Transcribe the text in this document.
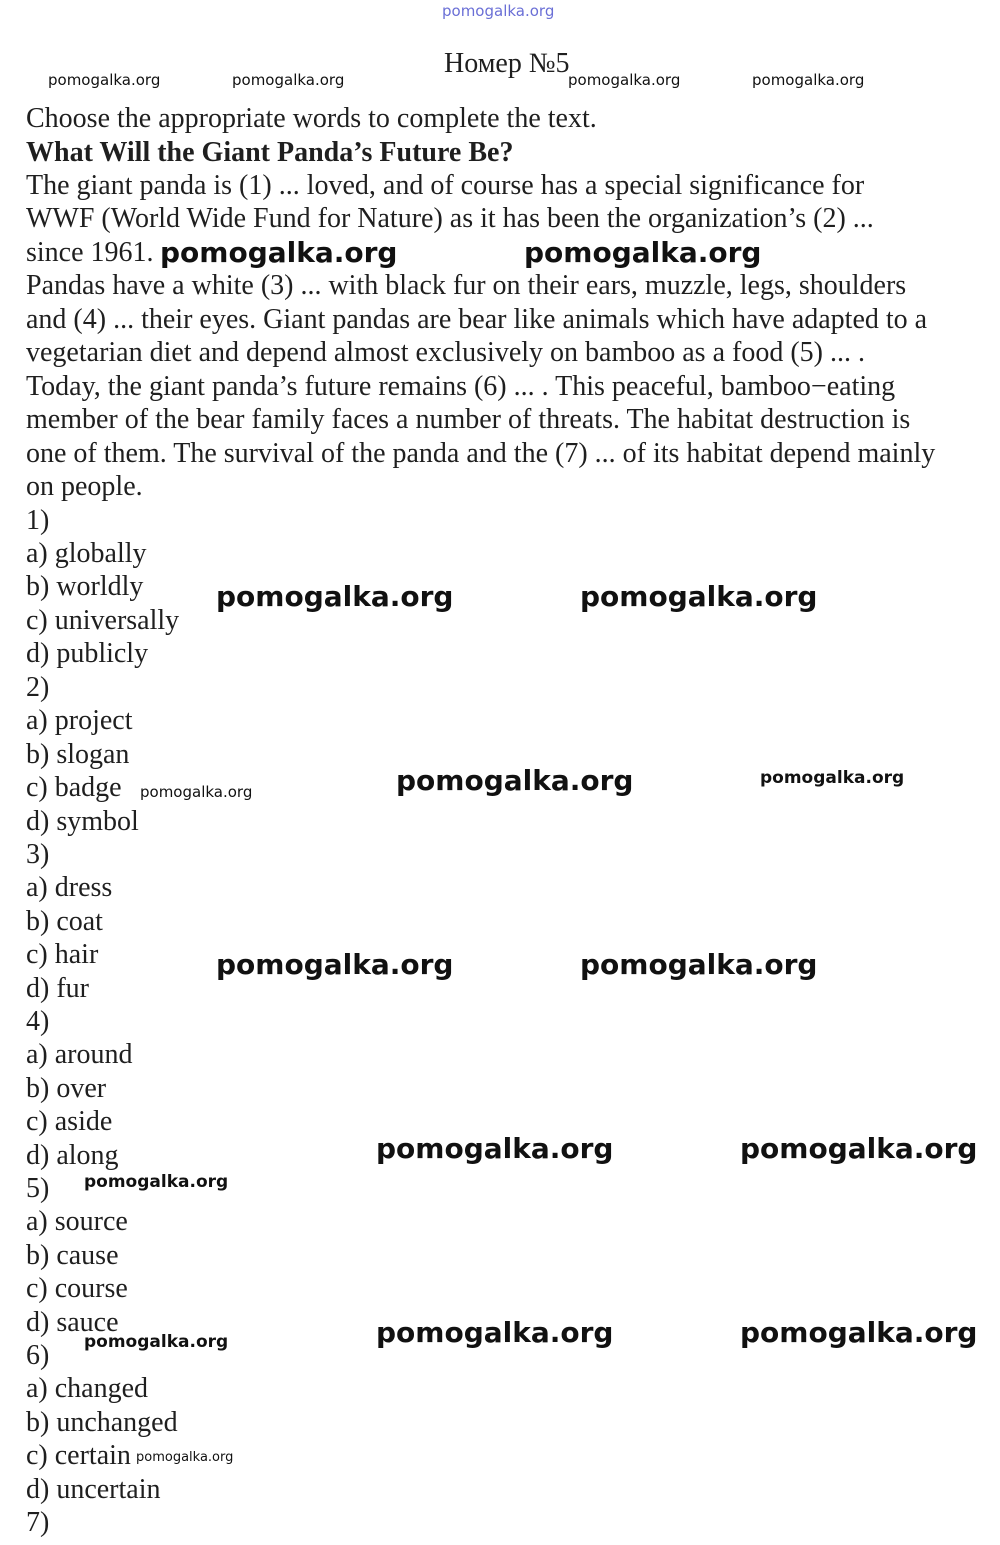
pomogalka.org
Номер №5
pomogalka.org	pomogalka.org	pomogalka.org	pomogalka.org
Choose the appropriate words to complete the text.
What Will the Giant Panda’s Future Be?
The giant panda is (1) ... loved, and of course has a special significance for
WWF (World Wide Fund for Nature) as it has been the organization’s (2) ...
since 1961.
Pandas have a white (3) ... with black fur on their ears, muzzle, legs, shoulders
and (4) ... their eyes. Giant pandas are bear like animals which have adapted to a
vegetarian diet and depend almost exclusively on bamboo as a food (5) ... .
Today, the giant panda’s future remains (6) ... . This peaceful, bamboo−eating
member of the bear family faces a number of threats. The habitat destruction is
one of them. The survival of the panda and the (7) ... of its habitat depend mainly
on people.
1)
a) globally
b) worldly
c) universally
d) publicly
2)
a) project
b) slogan
c) badge
d) symbol
3)
a) dress
b) coat
c) hair
d) fur
4)
a) around
b) over
c) aside
d) along
5)
a) source
b) cause
c) course
d) sauce
6)
a) changed
b) unchanged
c) certain
d) uncertain
7)
pomogalka.org	pomogalka.org
pomogalka.org	pomogalka.org
pomogalka.org	pomogalka.org	pomogalka.org
pomogalka.org	pomogalka.org
pomogalka.org	pomogalka.org
pomogalka.org
pomogalka.org	pomogalka.org
pomogalka.org
pomogalka.org
